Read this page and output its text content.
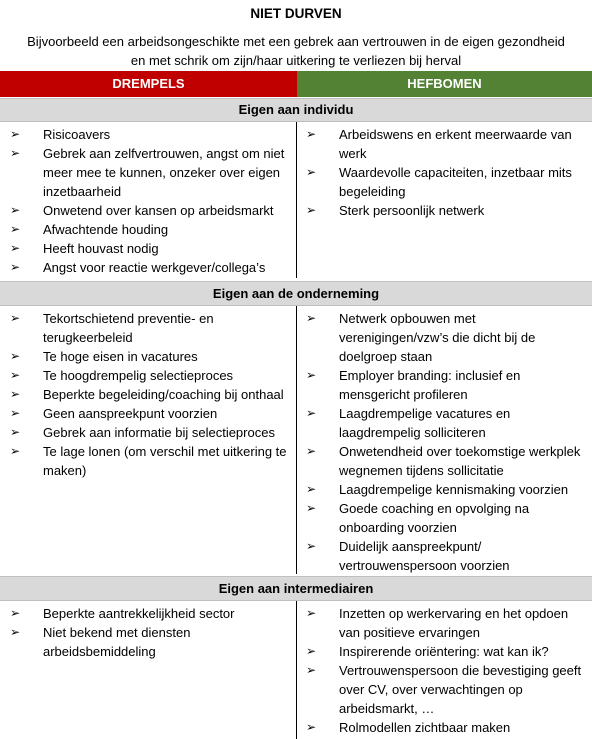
NIET DURVEN
Bijvoorbeeld een arbeidsongeschikte met een gebrek aan vertrouwen in de eigen gezondheid en met schrik om zijn/haar uitkering te verliezen bij herval
DREMPELS	HEFBOMEN
Eigen aan individu
➢ Risicoavers
➢ Gebrek aan zelfvertrouwen, angst om niet meer mee te kunnen, onzeker over eigen inzetbaarheid
➢ Onwetend over kansen op arbeidsmarkt
➢ Afwachtende houding
➢ Heeft houvast nodig
➢ Angst voor reactie werkgever/collega’s
➢ Arbeidswens en erkent meerwaarde van werk
➢ Waardevolle capaciteiten, inzetbaar mits begeleiding
➢ Sterk persoonlijk netwerk
Eigen aan de onderneming
➢ Tekortschietend preventie- en terugkeerbeleid
➢ Te hoge eisen in vacatures
➢ Te hoogdrempelig selectieproces
➢ Beperkte begeleiding/coaching bij onthaal
➢ Geen aanspreekpunt voorzien
➢ Gebrek aan informatie bij selectieproces
➢ Te lage lonen (om verschil met uitkering te maken)
➢ Netwerk opbouwen met verenigingen/vzw’s die dicht bij de doelgroep staan
➢ Employer branding: inclusief en mensgericht profileren
➢ Laagdrempelige vacatures en laagdrempelig solliciteren
➢ Onwetendheid over toekomstige werkplek wegnemen tijdens sollicitatie
➢ Laagdrempelige kennismaking voorzien
➢ Goede coaching en opvolging na onboarding voorzien
➢ Duidelijk aanspreekpunt/ vertrouwenspersoon voorzien
Eigen aan intermediairen
➢ Beperkte aantrekkelijkheid sector
➢ Niet bekend met diensten arbeidsbemiddeling
➢ Inzetten op werkervaring en het opdoen van positieve ervaringen
➢ Inspirerende oriëntering: wat kan ik?
➢ Vertrouwenspersoon die bevestiging geeft over CV, over verwachtingen op arbeidsmarkt, …
➢ Rolmodellen zichtbaar maken
